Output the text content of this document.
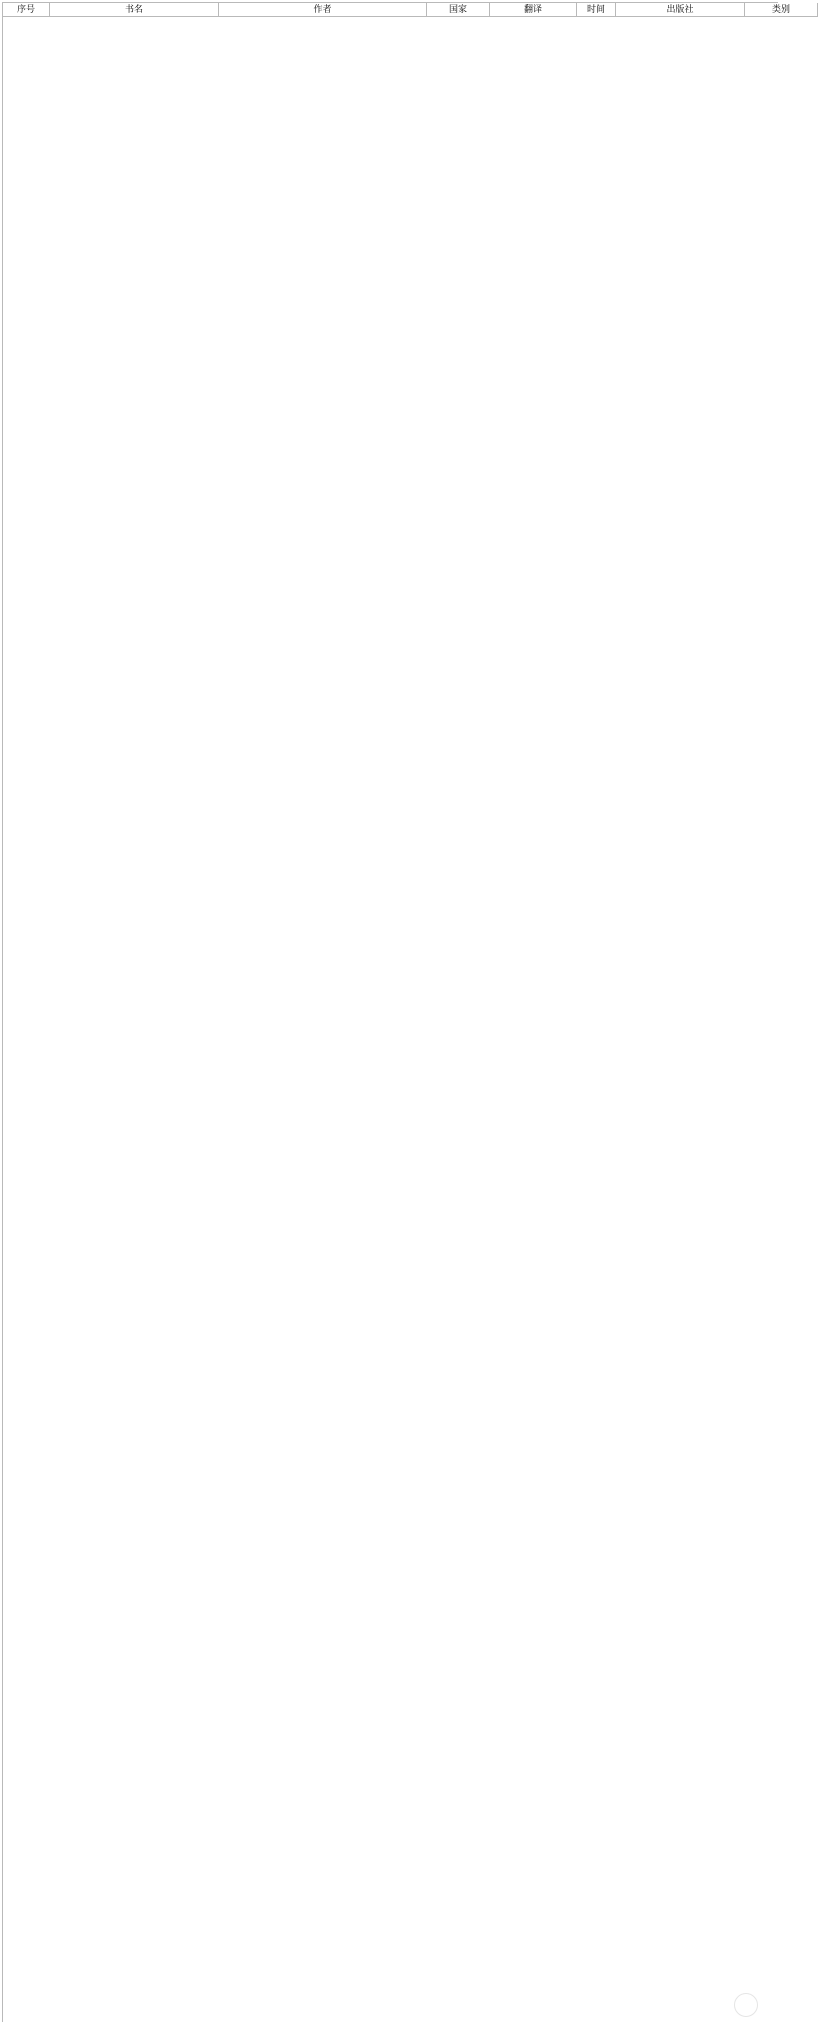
序号	书名	作者	国家	翻译	时间	出版社	类别
